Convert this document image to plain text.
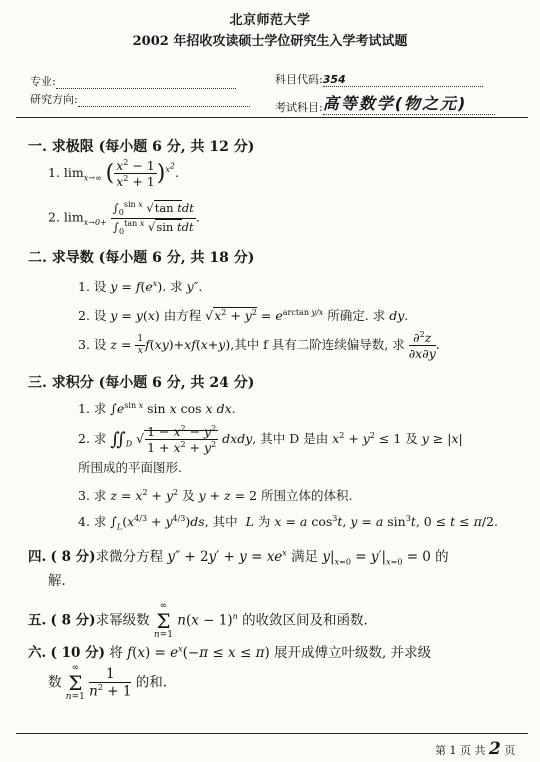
北京师范大学
2002 年招收攻读硕士学位研究生入学考试试题
专业:
研究方向:
科目代码:354
考试科目:高等数学(物之元)
一. 求极限 (每小题 6 分, 共 12 分)
1. $\lim_{x\to\infty}$ ( $\frac{x^2 - 1}{x^2 + 1} )^{x^2}$.
2. $\lim_{x\to 0+} \frac{\int_0^{sin x} √\tan tdt}{\int_0^{tan x} √\sin tdt}$ .
二. 求导数 (每小题 6 分, 共 18 分)
1. 设 $y = f(e^x)$. 求 y″.
2. 设 y = y(x) 由方程 $√x^2 + y^2 = e^{arctan y/x}$ 所确定. 求 dy.
3. 设 $z = \frac{1}{x} f(xy)+xf(x+y)$,其中 f 具有二阶连续偏导数, 求 $\frac{\partial^2z}{\partial x\partial y}$ .
三. 求积分 (每小题 6 分, 共 24 分)
1. 求 $\int e^{sin x}$ sin x cos x dx.
2. 求 $∬_D$ √ $\frac{1 - x^2 - y^2}{1 + x^2 + y^2}$ dxdy, 其中 D 是由 $x^2 + y^2 \le 1$ 及 y ≥ |x|
所围成的平面图形.
3. 求 $z = x^2 + y^2$ 及 y + z = 2 所围立体的体积.
4. 求 $\int_L(x^{4/3} + y^{4/3})ds$, 其中 L 为 x = a $\cos^3t$, y = a $\sin^3t$, 0 ≤ t ≤ π/2.
四. ( 8 分)求微分方程 $y'' + 2y' + y = xe^x$ 满足 $y|_{x=0} = y'|_{x=0} = 0$ 的
解.
五. ( 8 分)求幂级数 ∞
Σ
n=1 $n(x - 1)^n$ 的收敛区间及和函数.
六. ( 10 分) 将 $f(x) = e^x(-\pi \le x \le \pi)$ 展开成傅立叶级数, 并求级
数 ∞
Σ
$n=1 \frac{1}{n^2 + 1}$ 的和.
第 1 页 共 2 页
